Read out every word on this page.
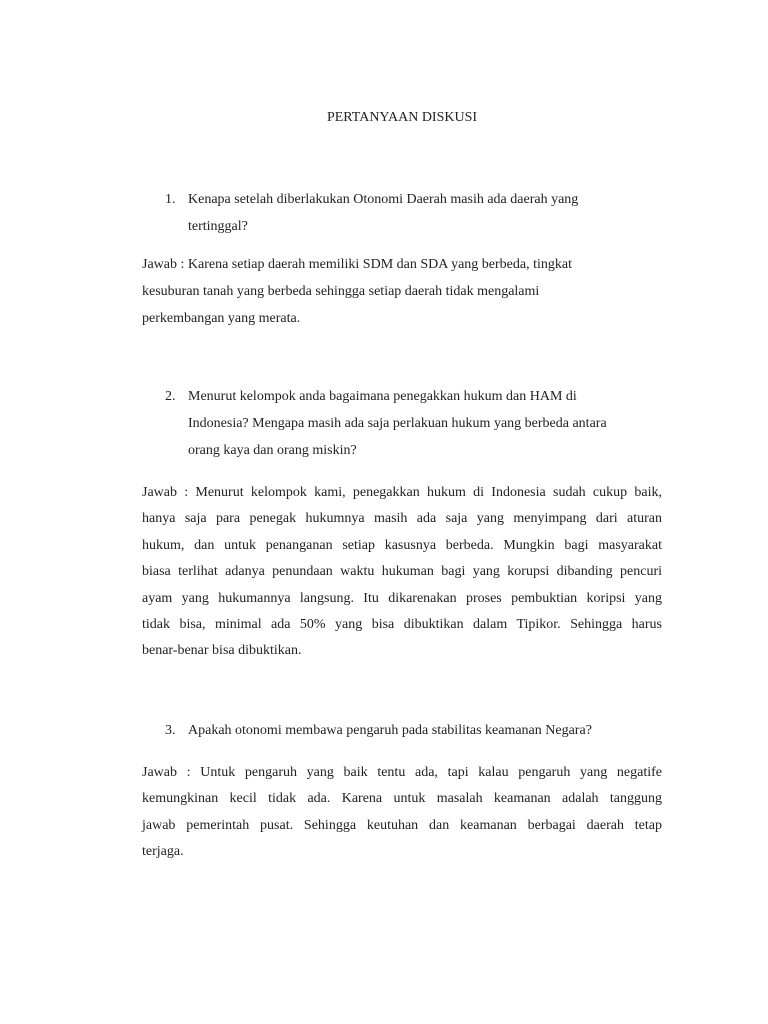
PERTANYAAN DISKUSI
1. Kenapa setelah diberlakukan Otonomi Daerah masih ada daerah yang
tertinggal?
Jawab : Karena setiap daerah memiliki SDM dan SDA yang berbeda, tingkat
kesuburan tanah yang berbeda sehingga setiap daerah tidak mengalami
perkembangan yang merata.
2. Menurut kelompok anda bagaimana penegakkan hukum dan HAM di
Indonesia? Mengapa masih ada saja perlakuan hukum yang berbeda antara
orang kaya dan orang miskin?
Jawab : Menurut kelompok kami, penegakkan hukum di Indonesia sudah cukup baik,
hanya saja para penegak hukumnya masih ada saja yang menyimpang dari aturan
hukum, dan untuk penanganan setiap kasusnya berbeda. Mungkin bagi masyarakat
biasa terlihat adanya penundaan waktu hukuman bagi yang korupsi dibanding pencuri
ayam yang hukumannya langsung. Itu dikarenakan proses pembuktian koripsi yang
tidak bisa, minimal ada 50% yang bisa dibuktikan dalam Tipikor. Sehingga harus
benar-benar bisa dibuktikan.
3. Apakah otonomi membawa pengaruh pada stabilitas keamanan Negara?
Jawab : Untuk pengaruh yang baik tentu ada, tapi kalau pengaruh yang negatife
kemungkinan kecil tidak ada. Karena untuk masalah keamanan adalah tanggung
jawab pemerintah pusat. Sehingga keutuhan dan keamanan berbagai daerah tetap
terjaga.
